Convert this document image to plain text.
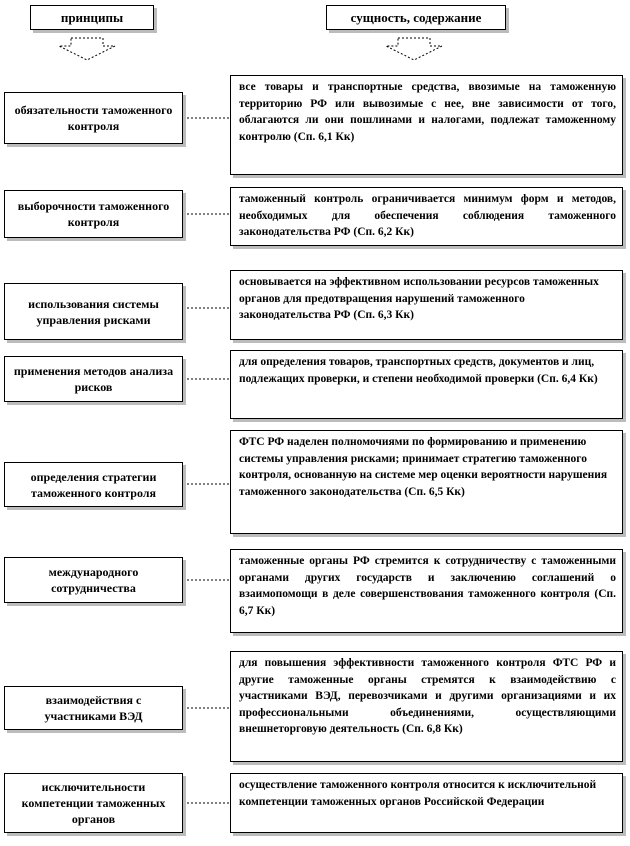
принципы	сущность, содержание
обязательности таможенного контроля
все товары и транспортные средства, ввозимые на таможенную территорию РФ или вывозимые с нее, вне зависимости от того, облагаются ли они пошлинами и налогами, подлежат таможенному контролю (Сп. 6,1 Кк)
выборочности таможенного контроля
таможенный контроль ограничивается минимум форм и методов, необходимых для обеспечения соблюдения таможенного законодательства РФ (Сп. 6,2 Кк)
использования системы управления рисками
основывается на эффективном использовании ресурсов таможенных органов для предотвращения нарушений таможенного законодательства РФ (Сп. 6,3 Кк)
применения методов анализа рисков
для определения товаров, транспортных средств, документов и лиц, подлежащих проверки, и степени необходимой проверки (Сп. 6,4 Кк)
определения стратегии таможенного контроля
ФТС РФ наделен полномочиями по формированию и применению системы управления рисками; принимает стратегию таможенного контроля, основанную на системе мер оценки вероятности нарушения таможенного законодательства (Сп. 6,5 Кк)
международного сотрудничества
таможенные органы РФ стремится к сотрудничеству с таможенными органами других государств и заключению соглашений о взаимопомощи в деле совершенствования таможенного контроля (Сп. 6,7 Кк)
взаимодействия с участниками ВЭД
для повышения эффективности таможенного контроля ФТС РФ и другие таможенные органы стремятся к взаимодействию с участниками ВЭД, перевозчиками и другими организациями и их профессиональными объединениями, осуществляющими внешнеторговую деятельность (Сп. 6,8 Кк)
исключительности компетенции таможенных органов
осуществление таможенного контроля относится к исключительной компетенции таможенных органов Российской Федерации
